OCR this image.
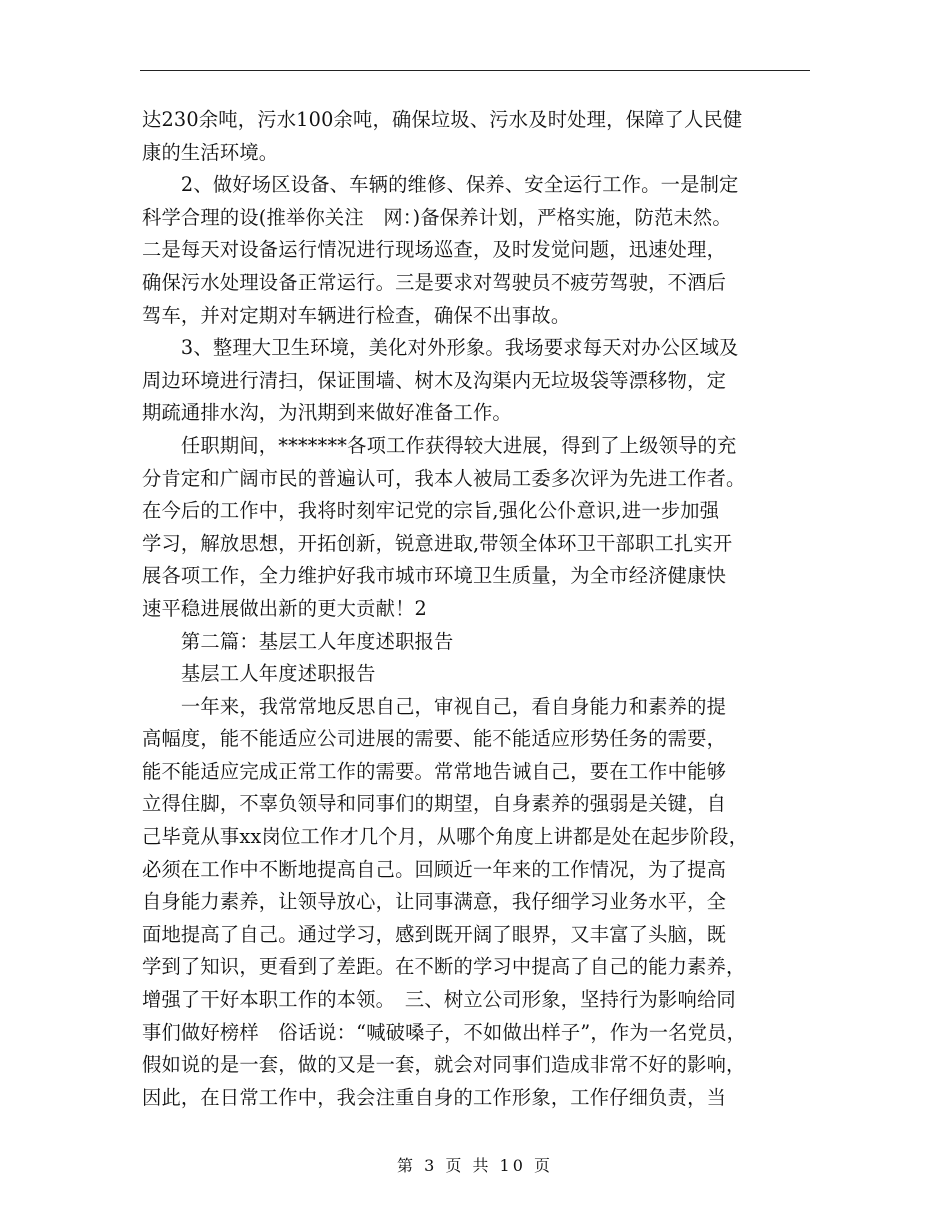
达230余吨，污水100余吨，确保垃圾、污水及时处理，保障了人民健
康的生活环境。
　　2、做好场区设备、车辆的维修、保养、安全运行工作。一是制定
科学合理的设(推举你关注　网：)备保养计划，严格实施，防范未然。
二是每天对设备运行情况进行现场巡查，及时发觉问题，迅速处理，
确保污水处理设备正常运行。三是要求对驾驶员不疲劳驾驶，不酒后
驾车，并对定期对车辆进行检查，确保不出事故。
　　3、整理大卫生环境，美化对外形象。我场要求每天对办公区域及
周边环境进行清扫，保证围墙、树木及沟渠内无垃圾袋等漂移物，定
期疏通排水沟，为汛期到来做好准备工作。
　　任职期间，*******各项工作获得较大进展，得到了上级领导的充
分肯定和广阔市民的普遍认可，我本人被局工委多次评为先进工作者。
在今后的工作中，我将时刻牢记党的宗旨,强化公仆意识,进一步加强
学习，解放思想，开拓创新，锐意进取,带领全体环卫干部职工扎实开
展各项工作，全力维护好我市城市环境卫生质量，为全市经济健康快
速平稳进展做出新的更大贡献！2
　　第二篇：基层工人年度述职报告
　　基层工人年度述职报告
　　一年来，我常常地反思自己，审视自己，看自身能力和素养的提
高幅度，能不能适应公司进展的需要、能不能适应形势任务的需要，
能不能适应完成正常工作的需要。常常地告诫自己，要在工作中能够
立得住脚，不辜负领导和同事们的期望，自身素养的强弱是关键，自
己毕竟从事xx岗位工作才几个月，从哪个角度上讲都是处在起步阶段，
必须在工作中不断地提高自己。回顾近一年来的工作情况，为了提高
自身能力素养，让领导放心，让同事满意，我仔细学习业务水平，全
面地提高了自己。通过学习，感到既开阔了眼界，又丰富了头脑，既
学到了知识，更看到了差距。在不断的学习中提高了自己的能力素养，
增强了干好本职工作的本领。　三、树立公司形象，坚持行为影响给同
事们做好榜样　俗话说：“喊破嗓子，不如做出样子”，作为一名党员，
假如说的是一套，做的又是一套，就会对同事们造成非常不好的影响，
因此，在日常工作中，我会注重自身的工作形象，工作仔细负责，当
第 3 页 共 10 页
